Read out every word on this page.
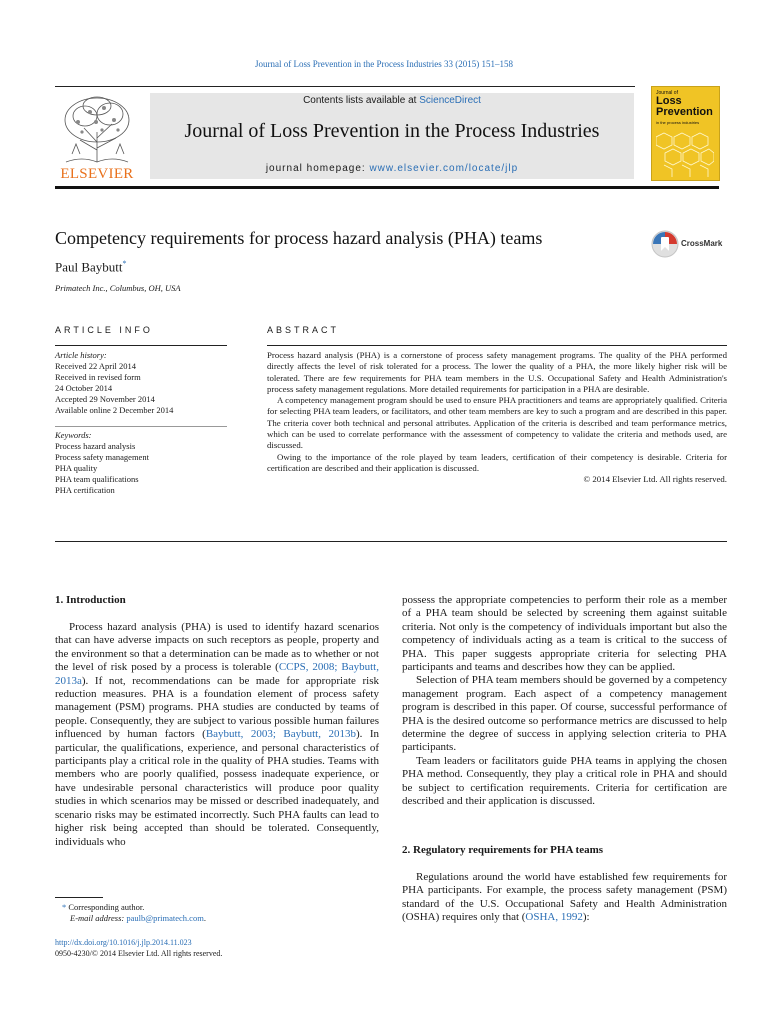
Journal of Loss Prevention in the Process Industries 33 (2015) 151–158
ELSEVIER
Contents lists available at ScienceDirect
Journal of Loss Prevention in the Process Industries
journal homepage: www.elsevier.com/locate/jlp
Journal of
Loss
Prevention
in the process industries
Competency requirements for process hazard analysis (PHA) teams
Paul Baybutt*
Primatech Inc., Columbus, OH, USA
CrossMark
ARTICLE INFO
Article history:
Received 22 April 2014
Received in revised form
24 October 2014
Accepted 29 November 2014
Available online 2 December 2014
Keywords:
Process hazard analysis
Process safety management
PHA quality
PHA team qualifications
PHA certification
ABSTRACT

Process hazard analysis (PHA) is a cornerstone of process safety management programs. The quality of the PHA performed directly affects the level of risk tolerated for a process. The lower the quality of a PHA, the more likely higher risk will be tolerated. There are few requirements for PHA team members in the U.S. Occupational Safety and Health Administration's process safety management regulations. More detailed requirements for participation in a PHA are desirable.

A competency management program should be used to ensure PHA practitioners and teams are appropriately qualified. Criteria for selecting PHA team leaders, or facilitators, and other team members are key to such a program and are described in this paper. The criteria cover both technical and personal attributes. Application of the criteria is described and team performance metrics, which can be used to correlate performance with the assessment of competency to validate the criteria and methods used, are discussed.

Owing to the importance of the role played by team leaders, certification of their competency is desirable. Criteria for certification are described and their application is discussed.

© 2014 Elsevier Ltd. All rights reserved.
1. Introduction

Process hazard analysis (PHA) is used to identify hazard scenarios that can have adverse impacts on such receptors as people, property and the environment so that a determination can be made as to whether or not the level of risk posed by a process is tolerable (CCPS, 2008; Baybutt, 2013a). If not, recommendations can be made for appropriate risk reduction measures. PHA is a foundation element of process safety management (PSM) programs. PHA studies are conducted by teams of people. Consequently, they are subject to various possible human failures influenced by human factors (Baybutt, 2003; Baybutt, 2013b). In particular, the qualifications, experience, and personal characteristics of participants play a critical role in the quality of PHA studies. Teams with members who are poorly qualified, possess inadequate experience, or have undesirable personal characteristics will produce poor quality studies in which scenarios may be missed or described inadequately, and scenario risks may be estimated incorrectly. Such PHA faults can lead to higher risk being accepted than should be tolerated. Consequently, individuals who

possess the appropriate competencies to perform their role as a member of a PHA team should be selected by screening them against suitable criteria. Not only is the competency of individuals important but also the competency of individuals acting as a team is critical to the success of PHA. This paper suggests appropriate criteria for selecting PHA participants and teams and describes how they can be applied.

Selection of PHA team members should be governed by a competency management program. Each aspect of a competency management program is described in this paper. Of course, successful performance of PHA is the desired outcome so performance metrics are discussed to help determine the degree of success in applying selection criteria to PHA participants.

Team leaders or facilitators guide PHA teams in applying the chosen PHA method. Consequently, they play a critical role in PHA and should be subject to certification requirements. Criteria for certification are described and their application is discussed.

2. Regulatory requirements for PHA teams

Regulations around the world have established few requirements for PHA participants. For example, the process safety management (PSM) standard of the U.S. Occupational Safety and Health Administration (OSHA) requires only that (OSHA, 1992):

* Corresponding author.
E-mail address: paulb@primatech.com.
http://dx.doi.org/10.1016/j.jlp.2014.11.023
0950-4230/© 2014 Elsevier Ltd. All rights reserved.
